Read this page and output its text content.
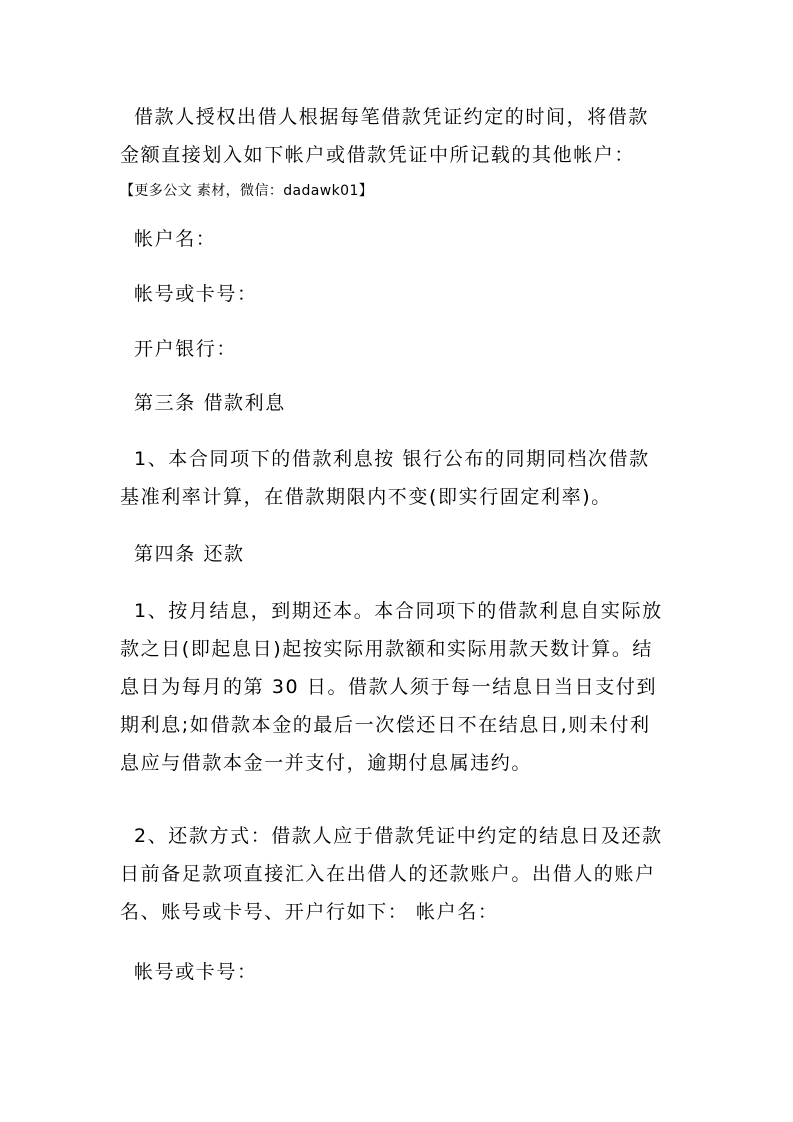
借款人授权出借人根据每笔借款凭证约定的时间，将借款
金额直接划入如下帐户或借款凭证中所记载的其他帐户：
【更多公文 素材，微信：dadawk01】
帐户名：
帐号或卡号：
开户银行：
第三条 借款利息
1、本合同项下的借款利息按 银行公布的同期同档次借款
基准利率计算，在借款期限内不变(即实行固定利率)。
第四条 还款
1、按月结息，到期还本。本合同项下的借款利息自实际放
款之日(即起息日)起按实际用款额和实际用款天数计算。结
息日为每月的第 30 日。借款人须于每一结息日当日支付到
期利息;如借款本金的最后一次偿还日不在结息日,则未付利
息应与借款本金一并支付，逾期付息属违约。
2、还款方式：借款人应于借款凭证中约定的结息日及还款
日前备足款项直接汇入在出借人的还款账户。出借人的账户
名、账号或卡号、开户行如下： 帐户名：
帐号或卡号：
